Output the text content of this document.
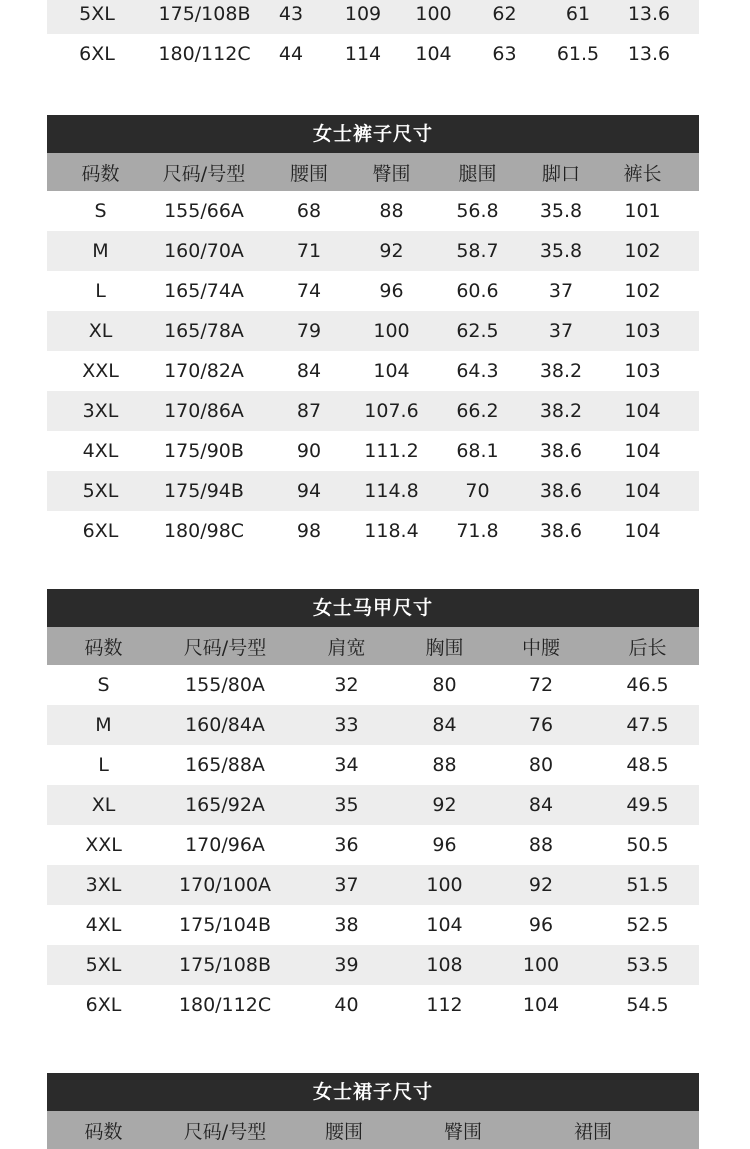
5XL	175/108B	43	109	100	62	61	13.6
6XL	180/112C	44	114	104	63	61.5	13.6
女士裤子尺寸
码数	尺码/号型	腰围	臀围	腿围	脚口	裤长
S	155/66A	68	88	56.8	35.8	101
M	160/70A	71	92	58.7	35.8	102
L	165/74A	74	96	60.6	37	102
XL	165/78A	79	100	62.5	37	103
XXL	170/82A	84	104	64.3	38.2	103
3XL	170/86A	87	107.6	66.2	38.2	104
4XL	175/90B	90	111.2	68.1	38.6	104
5XL	175/94B	94	114.8	70	38.6	104
6XL	180/98C	98	118.4	71.8	38.6	104
女士马甲尺寸
码数	尺码/号型	肩宽	胸围	中腰	后长
S	155/80A	32	80	72	46.5
M	160/84A	33	84	76	47.5
L	165/88A	34	88	80	48.5
XL	165/92A	35	92	84	49.5
XXL	170/96A	36	96	88	50.5
3XL	170/100A	37	100	92	51.5
4XL	175/104B	38	104	96	52.5
5XL	175/108B	39	108	100	53.5
6XL	180/112C	40	112	104	54.5
女士裙子尺寸
码数	尺码/号型	腰围	臀围	裙围
